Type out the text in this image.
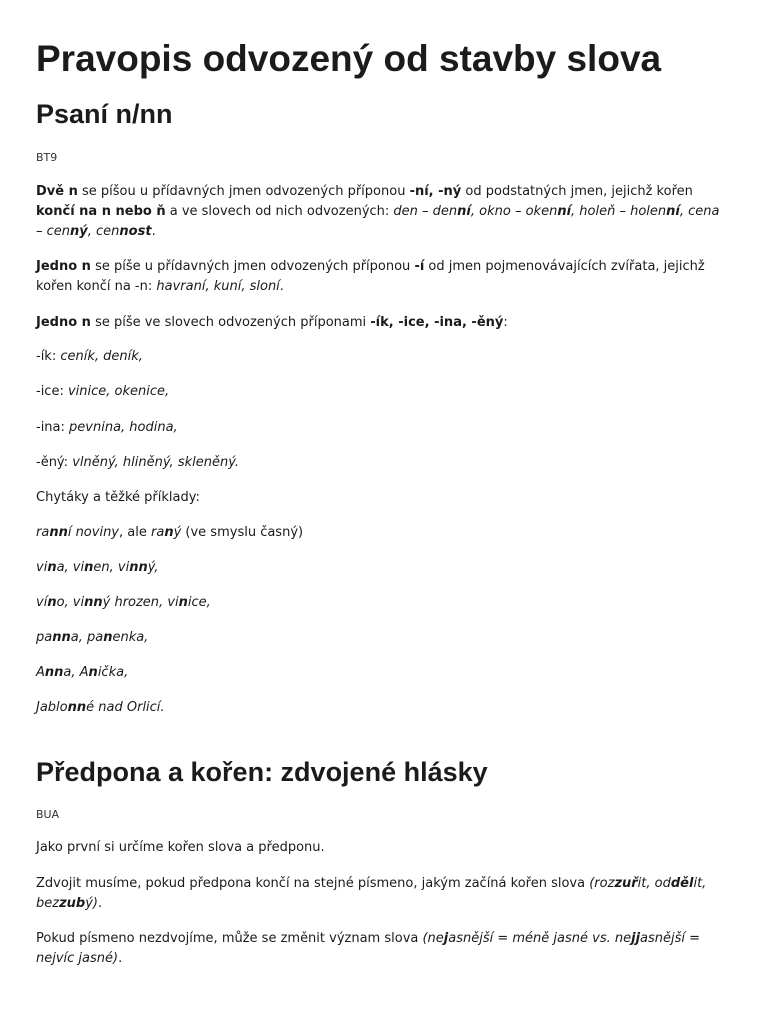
Pravopis odvozený od stavby slova
Psaní n/nn
BT9

Dvě n se píšou u přídavných jmen odvozených příponou -ní, -ný od podstatných jmen, jejichž kořen končí na n nebo ň a ve slovech od nich odvozených: den – denní, okno – okenní, holeň – holenní, cena – cenný, cennost.

Jedno n se píše u přídavných jmen odvozených příponou -í od jmen pojmenovávajících zvířata, jejichž kořen končí na -n: havraní, kuní, sloní.

Jedno n se píše ve slovech odvozených příponami -ík, -ice, -ina, -ěný:

-ík: ceník, deník,

-ice: vinice, okenice,

-ina: pevnina, hodina,

-ěný: vlněný, hliněný, skleněný.

Chytáky a těžké příklady:

ranní noviny, ale raný (ve smyslu časný)

vina, vinen, vinný,

víno, vinný hrozen, vinice,

panna, panenka,

Anna, Anička,

Jablonné nad Orlicí.

Předpona a kořen: zdvojené hlásky
BUA

Jako první si určíme kořen slova a předponu.

Zdvojit musíme, pokud předpona končí na stejné písmeno, jakým začíná kořen slova (rozzuřit, oddělit, bezzubý).

Pokud písmeno nezdvojíme, může se změnit význam slova (nejasnější = méně jasné vs. nejjasnější = nejvíc jasné).
